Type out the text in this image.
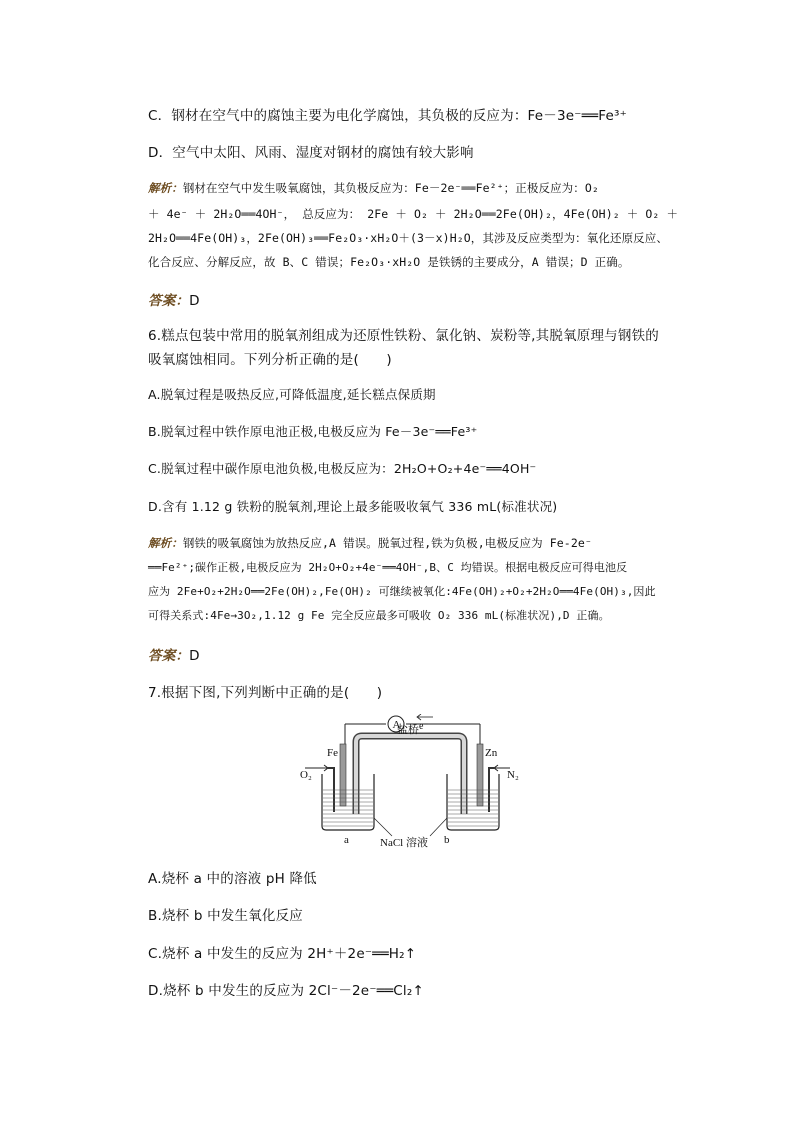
C．钢材在空气中的腐蚀主要为电化学腐蚀，其负极的反应为：Fe－3e⁻══Fe³⁺
D．空气中太阳、风雨、湿度对钢材的腐蚀有较大影响
解析：钢材在空气中发生吸氧腐蚀，其负极反应为：Fe－2e⁻══Fe²⁺；正极反应为：O₂
＋ 4e⁻ ＋ 2H₂O══4OH⁻， 总反应为： 2Fe ＋ O₂ ＋ 2H₂O══2Fe(OH)₂，4Fe(OH)₂ ＋ O₂ ＋
2H₂O══4Fe(OH)₃，2Fe(OH)₃══Fe₂O₃·xH₂O＋(3－x)H₂O，其涉及反应类型为：氧化还原反应、
化合反应、分解反应，故 B、C 错误；Fe₂O₃·xH₂O 是铁锈的主要成分，A 错误；D 正确。
答案：D
6.糕点包装中常用的脱氧剂组成为还原性铁粉、氯化钠、炭粉等,其脱氧原理与钢铁的
吸氧腐蚀相同。下列分析正确的是(　　)
A.脱氧过程是吸热反应,可降低温度,延长糕点保质期
B.脱氧过程中铁作原电池正极,电极反应为 Fe－3e⁻══Fe³⁺
C.脱氧过程中碳作原电池负极,电极反应为：2H₂O+O₂+4e⁻══4OH⁻
D.含有 1.12 g 铁粉的脱氧剂,理论上最多能吸收氧气 336 mL(标准状况)
解析：钢铁的吸氧腐蚀为放热反应,A 错误。脱氧过程,铁为负极,电极反应为 Fe-2e⁻
══Fe²⁺;碳作正极,电极反应为 2H₂O+O₂+4e⁻══4OH⁻,B、C 均错误。根据电极反应可得电池反
应为 2Fe+O₂+2H₂O══2Fe(OH)₂,Fe(OH)₂ 可继续被氧化:4Fe(OH)₂+O₂+2H₂O══4Fe(OH)₃,因此
可得关系式:4Fe→3O₂,1.12 g Fe 完全反应最多可吸收 O₂ 336 mL(标准状况),D 正确。
答案：D
7.根据下图,下列判断中正确的是(　　)
A e⁻
Fe	Zn
盐桥
O₂	N₂
a	b
NaCl 溶液
A.烧杯 a 中的溶液 pH 降低
B.烧杯 b 中发生氧化反应
C.烧杯 a 中发生的反应为 2H⁺＋2e⁻══H₂↑
D.烧杯 b 中发生的反应为 2Cl⁻－2e⁻══Cl₂↑
